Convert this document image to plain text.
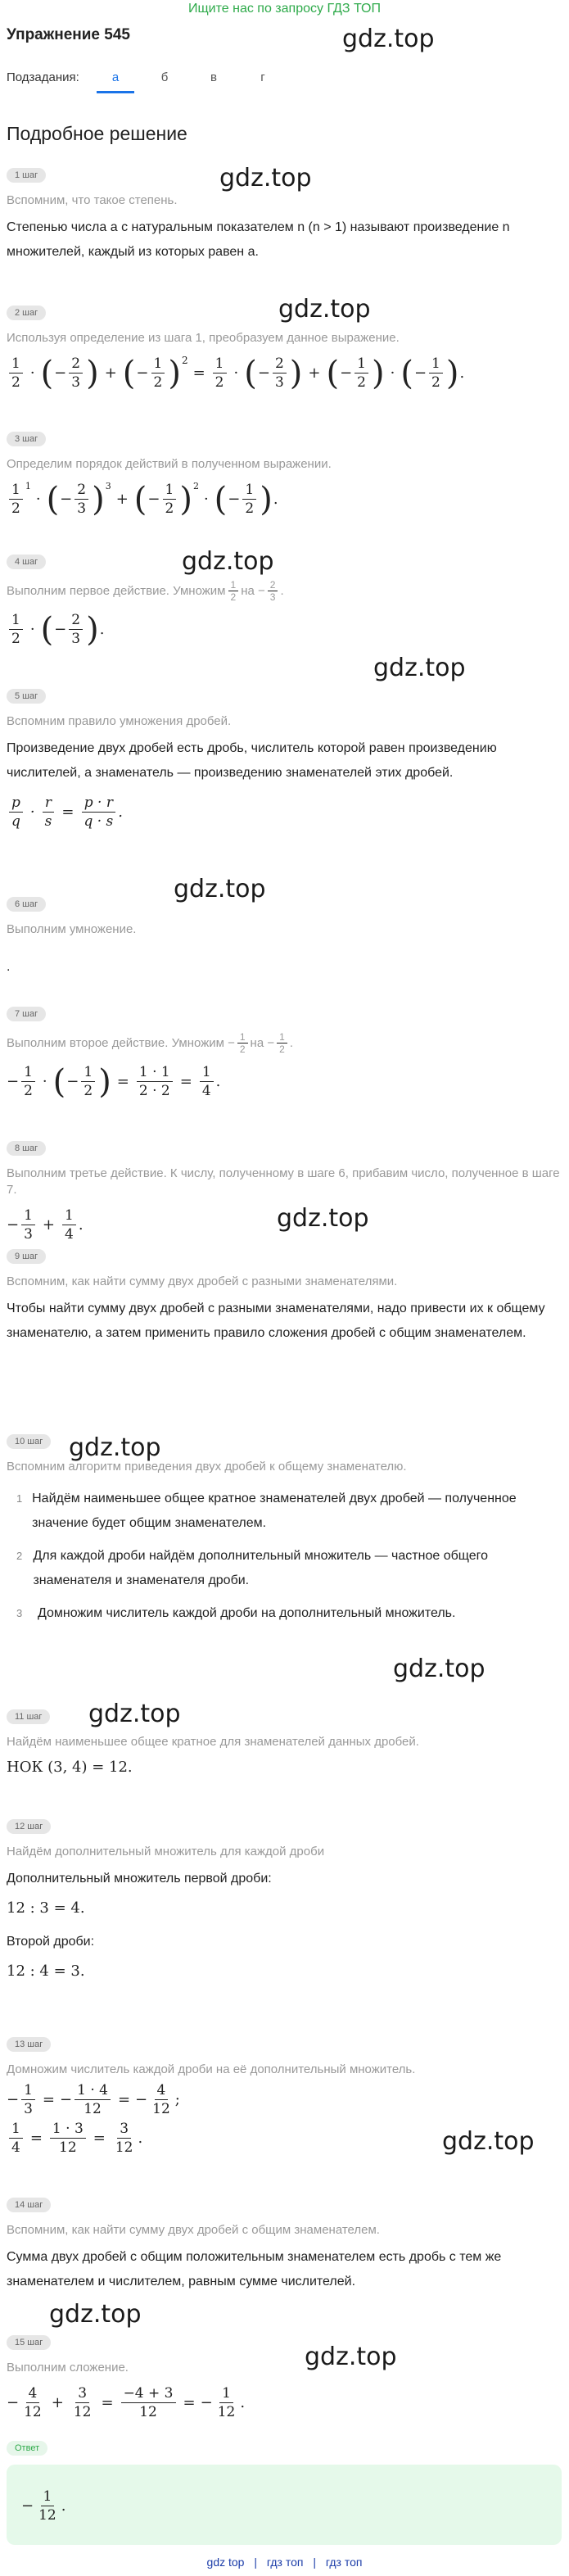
Ищите нас по запросу ГДЗ ТОП
Упражнение 545	gdz.top
Подзадания:	а	б	в	г
Подробное решение
gdz.top
gdz.top
gdz.top
gdz.top
gdz.top
gdz.top
gdz.top
gdz.top
gdz.top
gdz.top
gdz.top
gdz.top
1 шаг
Вспомним, что такое степень.
Степенью числа a с натуральным показателем n (n > 1) называют произведение n множителей, каждый из которых равен a.
2 шаг
Используя определение из шага 1, преобразуем данное выражение.
$\frac{1}{2}$ · ( − $\frac{2}{3}$ ) + ( − $\frac{1}{2} )^2$
= $\frac{1}{2}$ · ( − $\frac{2}{3}$ ) + ( − $\frac{1}{2}$ ) · ( − $\frac{1}{2}$ ) .
3 шаг
Определим порядок действий в полученном выражении.
$\frac{1}{2} ^1$
· ( − $\frac{2}{3} )^3$
+ ( − $\frac{1}{2} )^2$
· ( − $\frac{1}{2}$ ) .
4 шаг
Выполним первое действие. Умножим $\frac{1}{2}$ на − $\frac{2}{3}$ .
$\frac{1}{2}$ · ( − $\frac{2}{3}$ ) .
5 шаг
Вспомним правило умножения дробей.
Произведение двух дробей есть дробь, числитель которой равен произведению числителей, а знаменатель — произведению знаменателей этих дробей.
$\frac{p}{q} \cdot \frac{r}{s} = \frac{p \cdot r}{q \cdot s}$ .
6 шаг
Выполним умножение.
.
7 шаг
Выполним второе действие. Умножим − $\frac{1}{2}$ на − $\frac{1}{2}$ .
− $\frac{1}{2}$ · ( − $\frac{1}{2}$ ) = $\frac{1 \cdot 1}{2 \cdot 2} = \frac{1}{4}$ .
8 шаг
Выполним третье действие. К числу, полученному в шаге 6, прибавим число, полученное в шаге 7.
− $\frac{1}{3} + \frac{1}{4}$ .
9 шаг
Вспомним, как найти сумму двух дробей с разными знаменателями.
Чтобы найти сумму двух дробей с разными знаменателями, надо привести их к общему знаменателю, а затем применить правило сложения дробей с общим знаменателем.
10 шаг
Вспомним алгоритм приведения двух дробей к общему знаменателю.
1 Найдём наименьшее общее кратное знаменателей двух дробей — полученное значение будет общим знаменателем.
2 Для каждой дроби найдём дополнительный множитель — частное общего знаменателя и знаменателя дроби.
3	Домножим числитель каждой дроби на дополнительный множитель.
11 шаг
Найдём наименьшее общее кратное для знаменателей данных дробей.
НОК (3, 4) = 12.
12 шаг
Найдём дополнительный множитель для каждой дроби
Дополнительный множитель первой дроби:
12 : 3 = 4.
Второй дроби:
12 : 4 = 3.
13 шаг
Домножим числитель каждой дроби на её дополнительный множитель.
− $\frac{1}{3}$ = − $\frac{1 \cdot 4}{12}$ = − $\frac{4}{12}$ ;
$\frac{1}{4} = \frac{1 \cdot 3}{12} = \frac{3}{12}$ .
14 шаг
Вспомним, как найти сумму двух дробей с общим знаменателем.
Сумма двух дробей с общим положительным знаменателем есть дробь с тем же знаменателем и числителем, равным сумме числителей.
15 шаг
Выполним сложение.
− $\frac{4}{12} + \frac{3}{12} = \frac{-4 + 3}{12}$ = − $\frac{1}{12}$ .
Ответ
− $\frac{1}{12}$ .
gdz top | гдз топ | гдз топ
